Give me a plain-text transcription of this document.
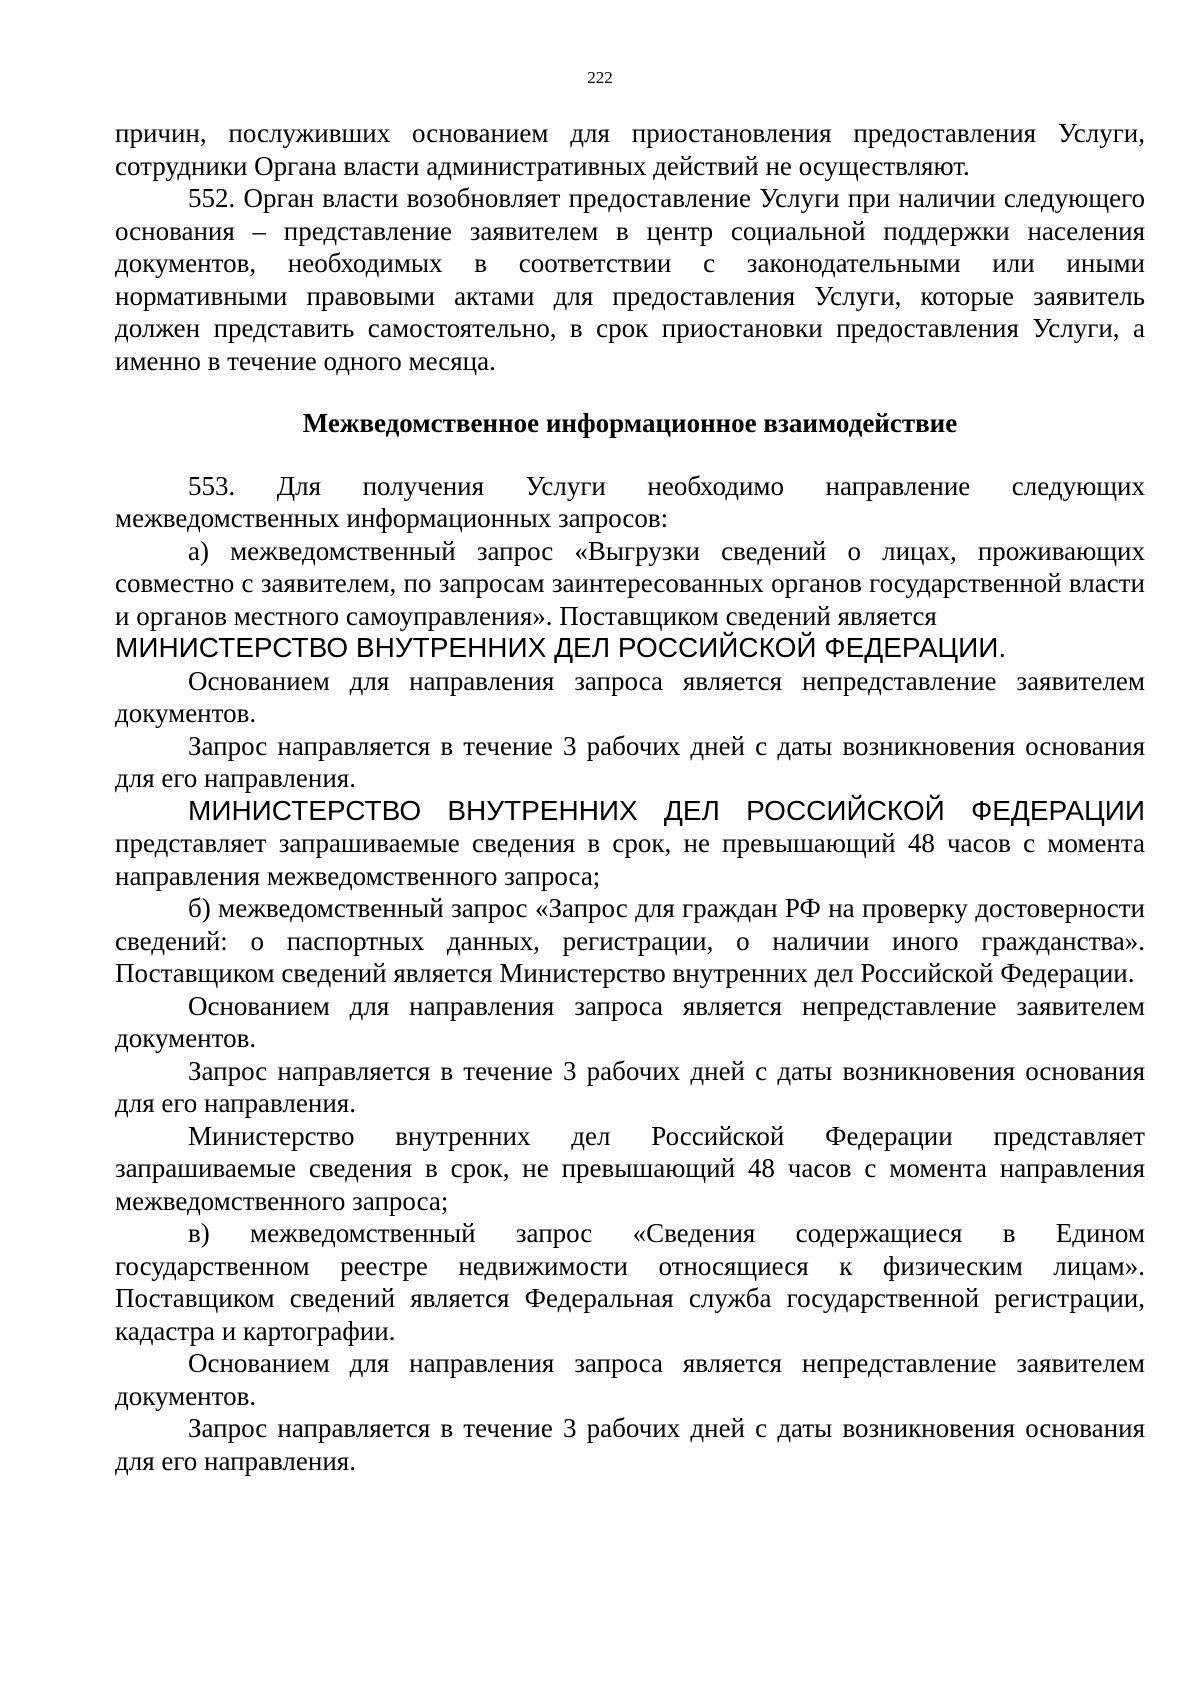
222

причин, послуживших основанием для приостановления предоставления Услуги, сотрудники Органа власти административных действий не осуществляют.

552. Орган власти возобновляет предоставление Услуги при наличии следующего основания – представление заявителем в центр социальной поддержки населения документов, необходимых в соответствии с законодательными или иными нормативными правовыми актами для предоставления Услуги, которые заявитель должен представить самостоятельно, в срок приостановки предоставления Услуги, а именно в течение одного месяца.

Межведомственное информационное взаимодействие

553. Для получения Услуги необходимо направление следующих межведомственных информационных запросов:

а) межведомственный запрос «Выгрузки сведений о лицах, проживающих совместно с заявителем, по запросам заинтересованных органов государственной власти и органов местного самоуправления». Поставщиком сведений является

МИНИСТЕРСТВО ВНУТРЕННИХ ДЕЛ РОССИЙСКОЙ ФЕДЕРАЦИИ.

Основанием для направления запроса является непредставление заявителем документов.

Запрос направляется в течение 3 рабочих дней с даты возникновения основания для его направления.

МИНИСТЕРСТВО ВНУТРЕННИХ ДЕЛ РОССИЙСКОЙ ФЕДЕРАЦИИ

представляет запрашиваемые сведения в срок, не превышающий 48 часов с момента направления межведомственного запроса;

б) межведомственный запрос «Запрос для граждан РФ на проверку достоверности сведений: о паспортных данных, регистрации, о наличии иного гражданства». Поставщиком сведений является Министерство внутренних дел Российской Федерации.

Основанием для направления запроса является непредставление заявителем документов.

Запрос направляется в течение 3 рабочих дней с даты возникновения основания для его направления.

Министерство внутренних дел Российской Федерации представляет запрашиваемые сведения в срок, не превышающий 48 часов с момента направления межведомственного запроса;

в) межведомственный запрос «Сведения содержащиеся в Едином государственном реестре недвижимости относящиеся к физическим лицам». Поставщиком сведений является Федеральная служба государственной регистрации, кадастра и картографии.

Основанием для направления запроса является непредставление заявителем документов.

Запрос направляется в течение 3 рабочих дней с даты возникновения основания для его направления.
